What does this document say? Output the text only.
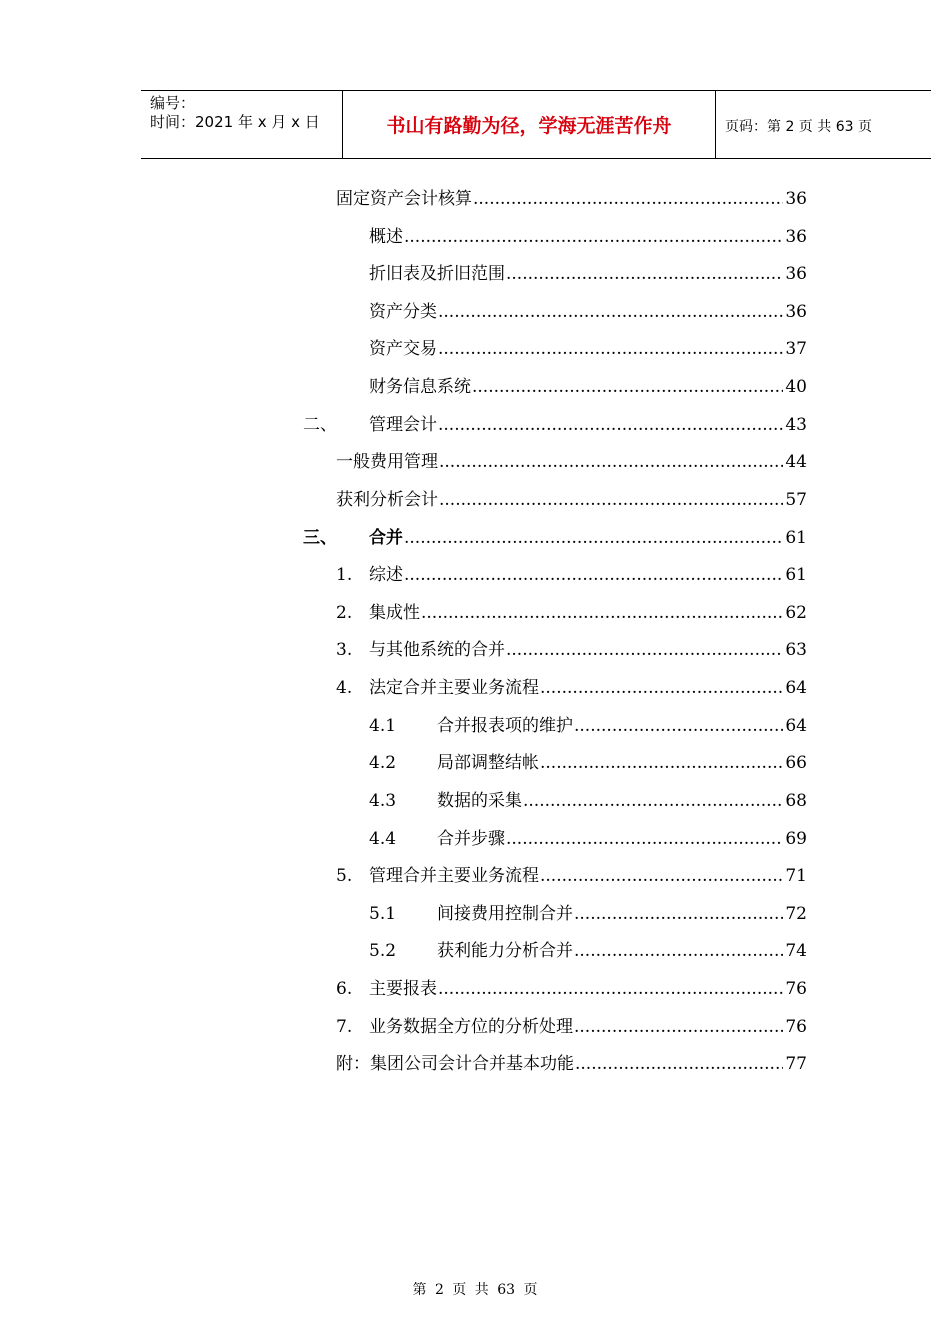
编号：
时间：2021 年 x 月 x 日	书山有路勤为径，学海无涯苦作舟	页码：第 2 页 共 63 页
固定资产会计核算 .....	36
概述 .....	36
折旧表及折旧范围 .....	36
资产分类 .....	36
资产交易 .....	37
财务信息系统 .....	40
二、 管理会计 .....	43
一般费用管理 .....	44
获利分析会计 .....	57
三、 合并 .....	61
1. 综述 .....	61
2. 集成性 .....	62
3. 与其他系统的合并 .....	63
4. 法定合并主要业务流程 .....	64
4.1 合并报表项的维护 .....	64
4.2 局部调整结帐 .....	66
4.3 数据的采集 .....	68
4.4 合并步骤 .....	69
5. 管理合并主要业务流程 .....	71
5.1 间接费用控制合并 .....	72
5.2 获利能力分析合并 .....	74
6. 主要报表 .....	76
7. 业务数据全方位的分析处理 .....	76
附：集团公司会计合并基本功能 .....	77
第 2 页 共 63 页
